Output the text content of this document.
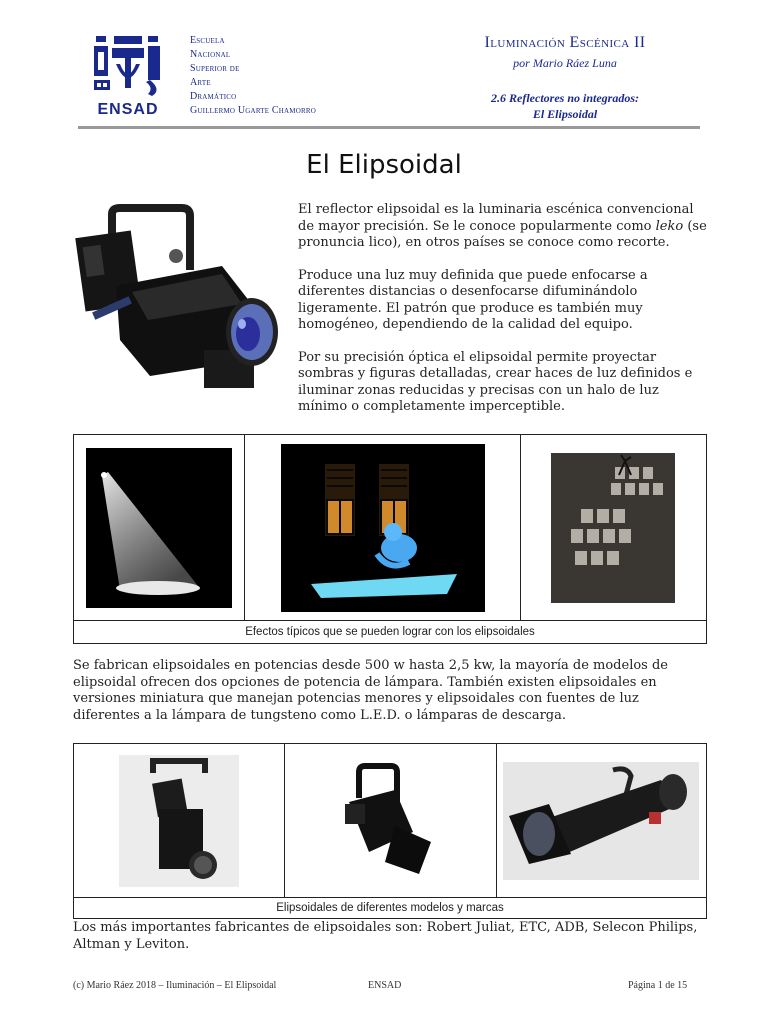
ENSAD
Escuela
Nacional
Superior de
Arte
Dramático
Guillermo Ugarte Chamorro
Iluminación Escénica II
por Mario Ráez Luna
2.6 Reflectores no integrados:
El Elipsoidal
El Elipsoidal

El reflector elipsoidal es la luminaria escénica convencional de mayor precisión. Se le conoce popularmente como leko (se pronuncia lico), en otros países se conoce como recorte.

Produce una luz muy definida que puede enfocarse a diferentes distancias o desenfocarse difuminándolo ligeramente. El patrón que produce es también muy homogéneo, dependiendo de la calidad del equipo.

Por su precisión óptica el elipsoidal permite proyectar sombras y figuras detalladas, crear haces de luz definidos e iluminar zonas reducidas y precisas con un halo de luz mínimo o completamente imperceptible.

Efectos típicos que se pueden lograr con los elipsoidales

Se fabrican elipsoidales en potencias desde 500 w hasta 2,5 kw, la mayoría de modelos de elipsoidal ofrecen dos opciones de potencia de lámpara. También existen elipsoidales en versiones miniatura que manejan potencias menores y elipsoidales con fuentes de luz diferentes a la lámpara de tungsteno como L.E.D. o lámparas de descarga.

Elipsoidales de diferentes modelos y marcas

Los más importantes fabricantes de elipsoidales son: Robert Juliat, ETC, ADB, Selecon Philips, Altman y Leviton.

(c) Mario Ráez 2018 – Iluminación – El Elipsoidal	ENSAD	Página 1 de 15
